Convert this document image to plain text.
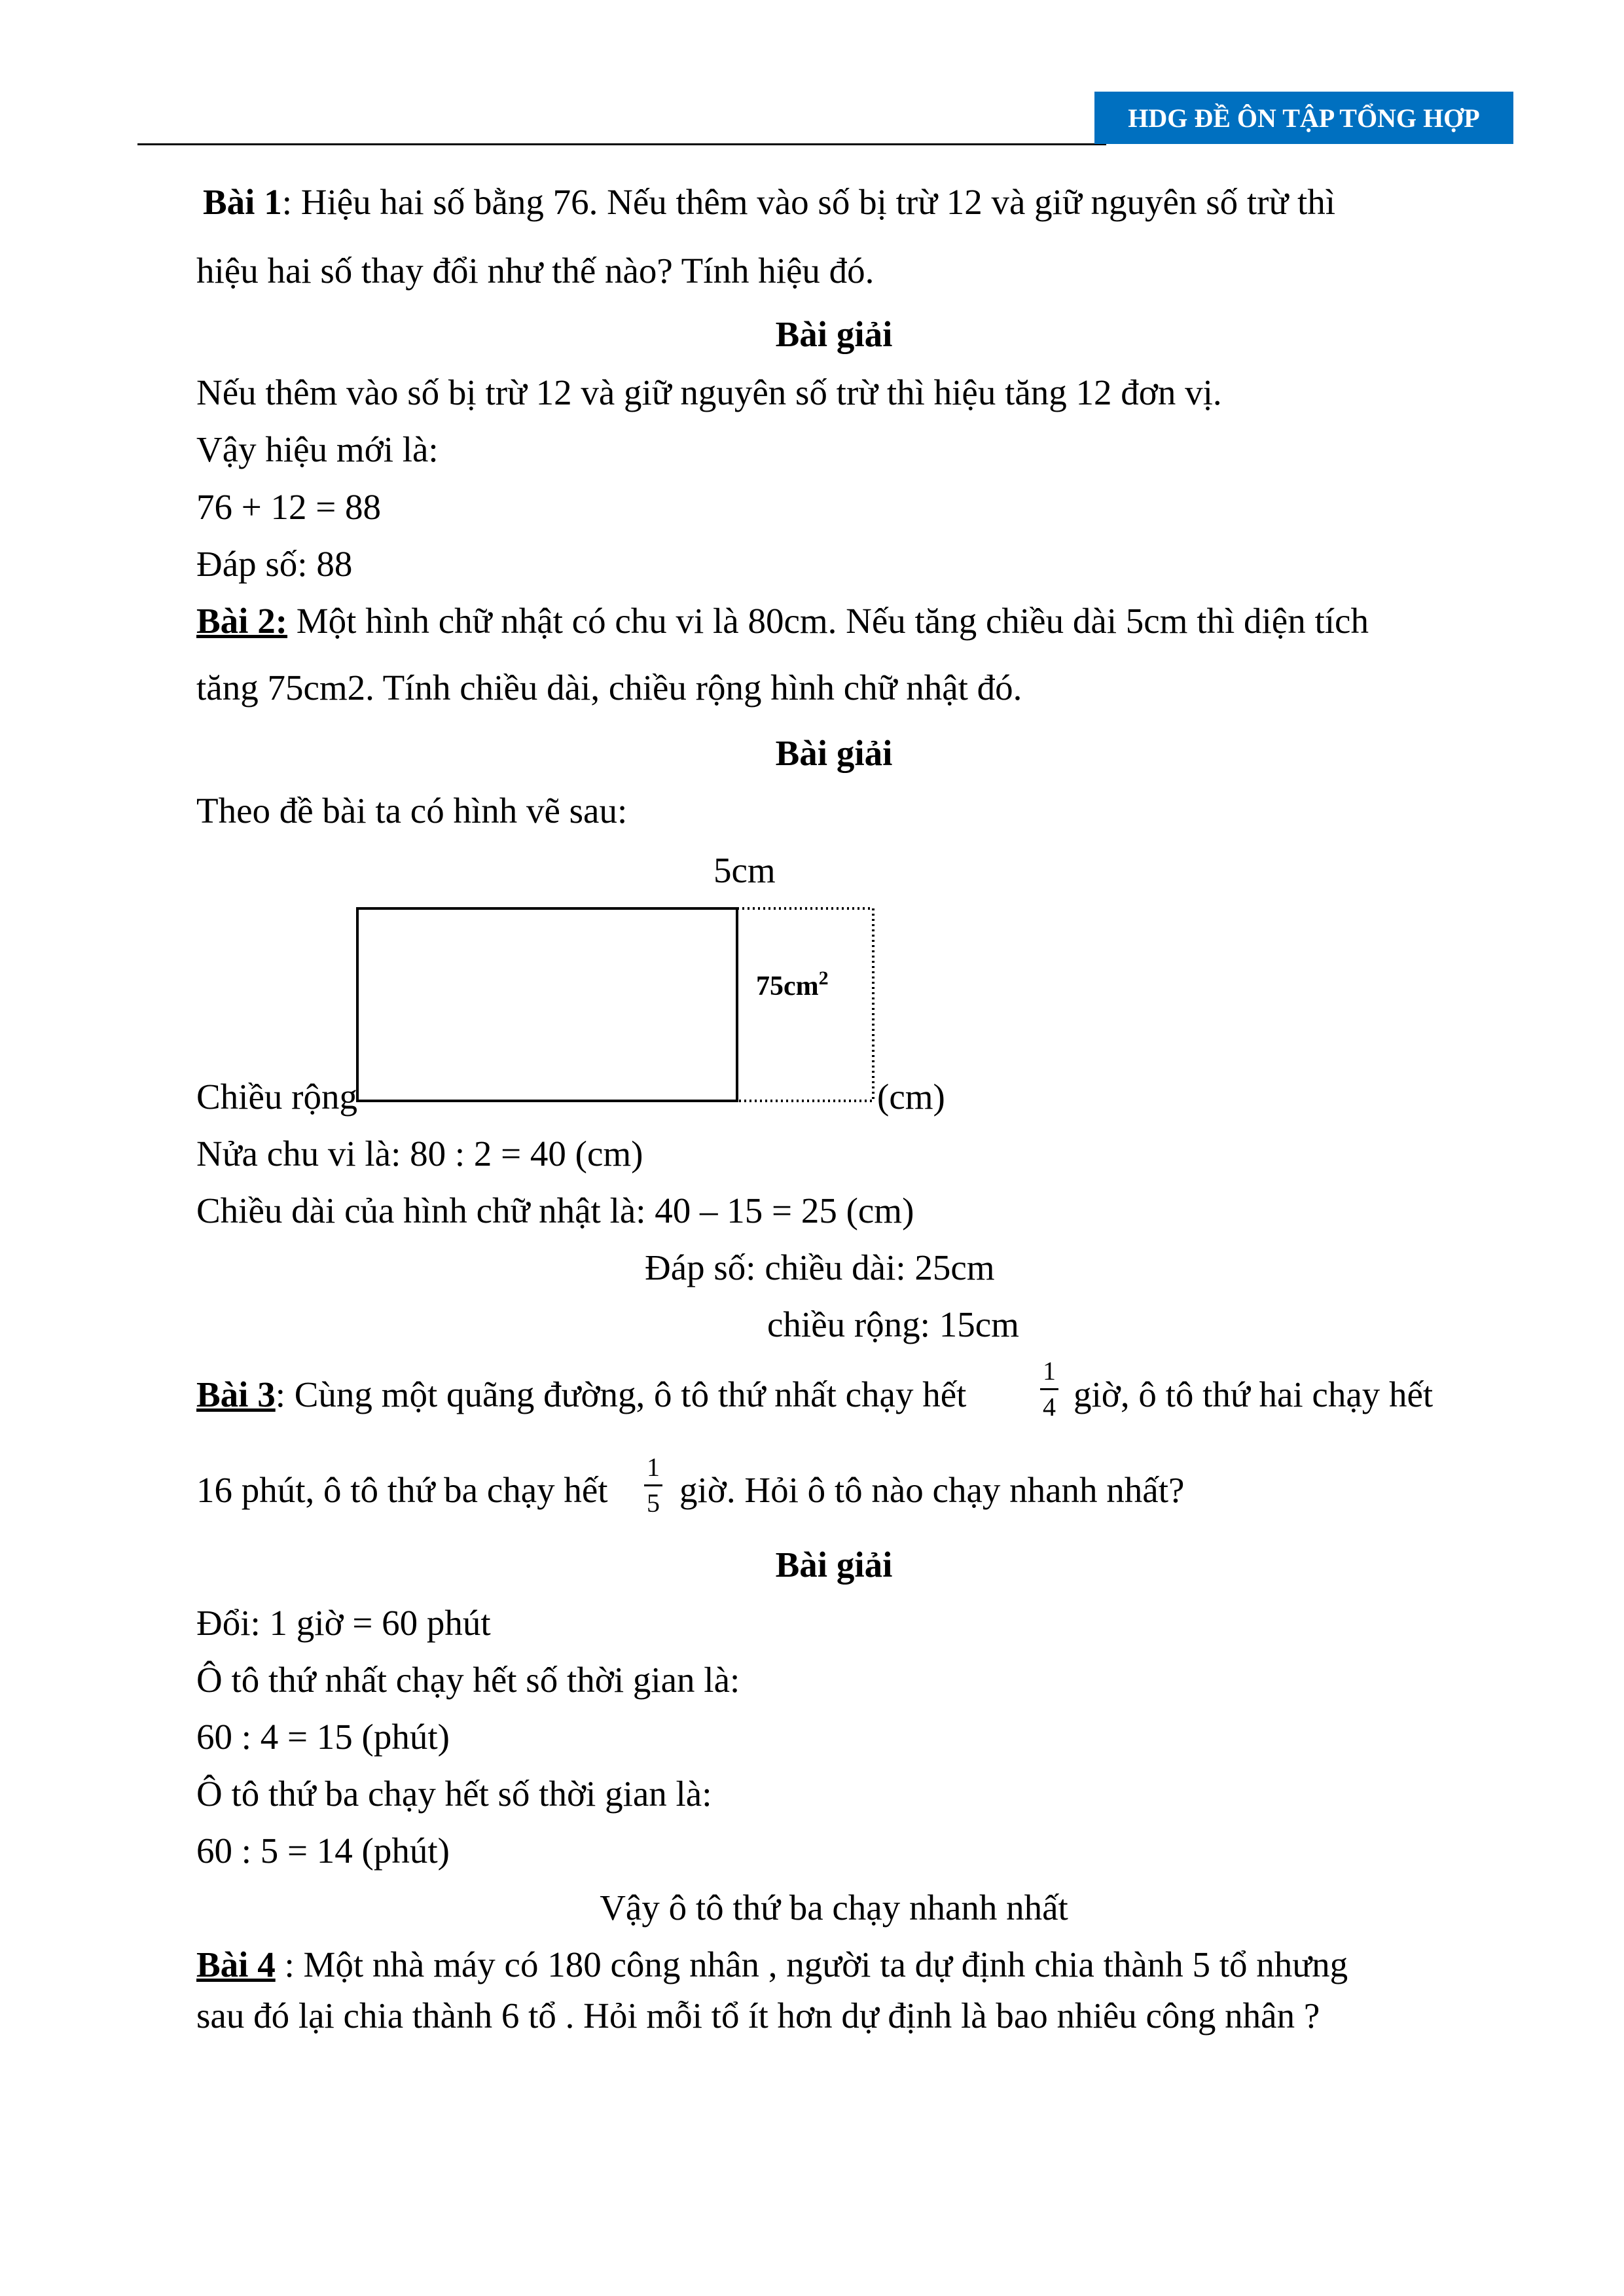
HDG ĐỀ ÔN TẬP TỔNG HỢP
Bài 1: Hiệu hai số bằng 76. Nếu thêm vào số bị trừ 12 và giữ nguyên số trừ thì
hiệu hai số thay đổi như thế nào? Tính hiệu đó.
Bài giải
Nếu thêm vào số bị trừ 12 và giữ nguyên số trừ thì hiệu tăng 12 đơn vị.
Vậy hiệu mới là:
76 + 12 = 88
Đáp số: 88
Bài 2: Một hình chữ nhật có chu vi là 80cm. Nếu tăng chiều dài 5cm thì diện tích
tăng 75cm2. Tính chiều dài, chiều rộng hình chữ nhật đó.
Bài giải
Theo đề bài ta có hình vẽ sau:
5cm
Chiều rộng	(cm)
$75cm^2$
Nửa chu vi là: 80 : 2 = 40 (cm)
Chiều dài của hình chữ nhật là: 40 – 15 = 25 (cm)
Đáp số: chiều dài: 25cm
chiều rộng: 15cm
Bài 3: Cùng một quãng đường, ô tô thứ nhất chạy hết
1
4 giờ, ô tô thứ hai chạy hết
16 phút, ô tô thứ ba chạy hết
1
5 giờ. Hỏi ô tô nào chạy nhanh nhất?
Bài giải
Đổi: 1 giờ = 60 phút
Ô tô thứ nhất chạy hết số thời gian là:
60 : 4 = 15 (phút)
Ô tô thứ ba chạy hết số thời gian là:
60 : 5 = 14 (phút)
Vậy ô tô thứ ba chạy nhanh nhất
Bài 4 : Một nhà máy có 180 công nhân , người ta dự định chia thành 5 tổ nhưng
sau đó lại chia thành 6 tổ . Hỏi mỗi tổ ít hơn dự định là bao nhiêu công nhân ?
